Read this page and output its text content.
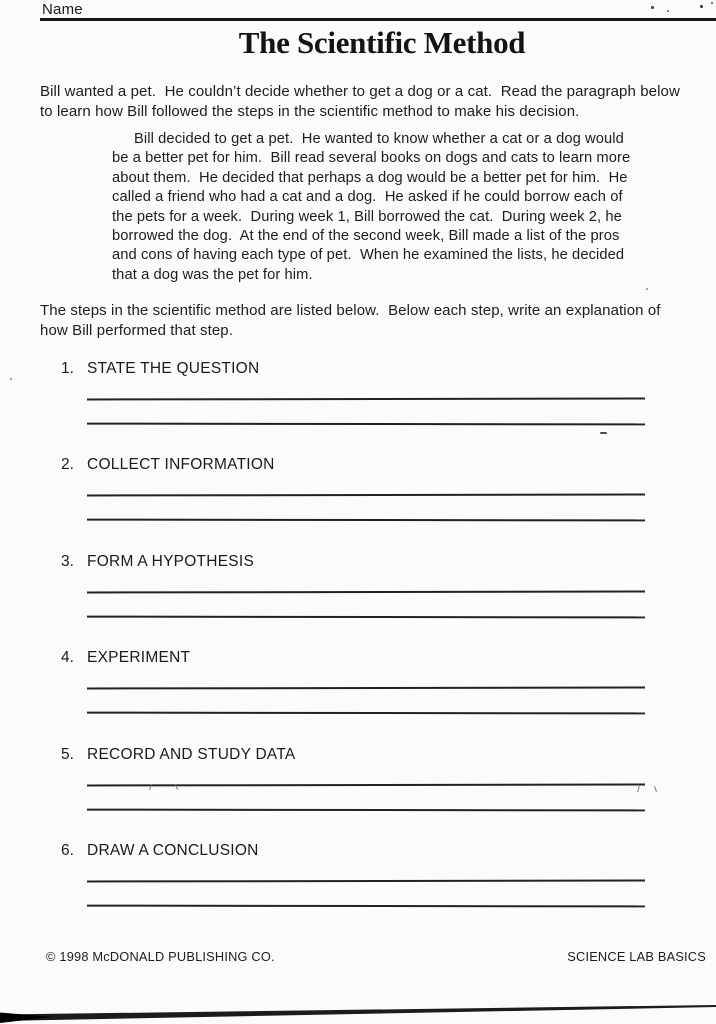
Name
The Scientific Method

Bill wanted a pet.  He couldn’t decide whether to get a dog or a cat.  Read the paragraph below to learn how Bill followed the steps in the scientific method to make his decision.

Bill decided to get a pet.  He wanted to know whether a cat or a dog would be a better pet for him.  Bill read several books on dogs and cats to learn more about them.  He decided that perhaps a dog would be a better pet for him.  He called a friend who had a cat and a dog.  He asked if he could borrow each of the pets for a week.  During week 1, Bill borrowed the cat.  During week 2, he borrowed the dog.  At the end of the second week, Bill made a list of the pros and cons of having each type of pet.  When he examined the lists, he decided that a dog was the pet for him.

The steps in the scientific method are listed below.  Below each step, write an explanation of how Bill performed that step.

1. STATE THE QUESTION
2. COLLECT INFORMATION
3. FORM A HYPOTHESIS
4. EXPERIMENT
5. RECORD AND STUDY DATA
6. DRAW A CONCLUSION
© 1998 McDONALD PUBLISHING CO.	SCIENCE LAB BASICS
